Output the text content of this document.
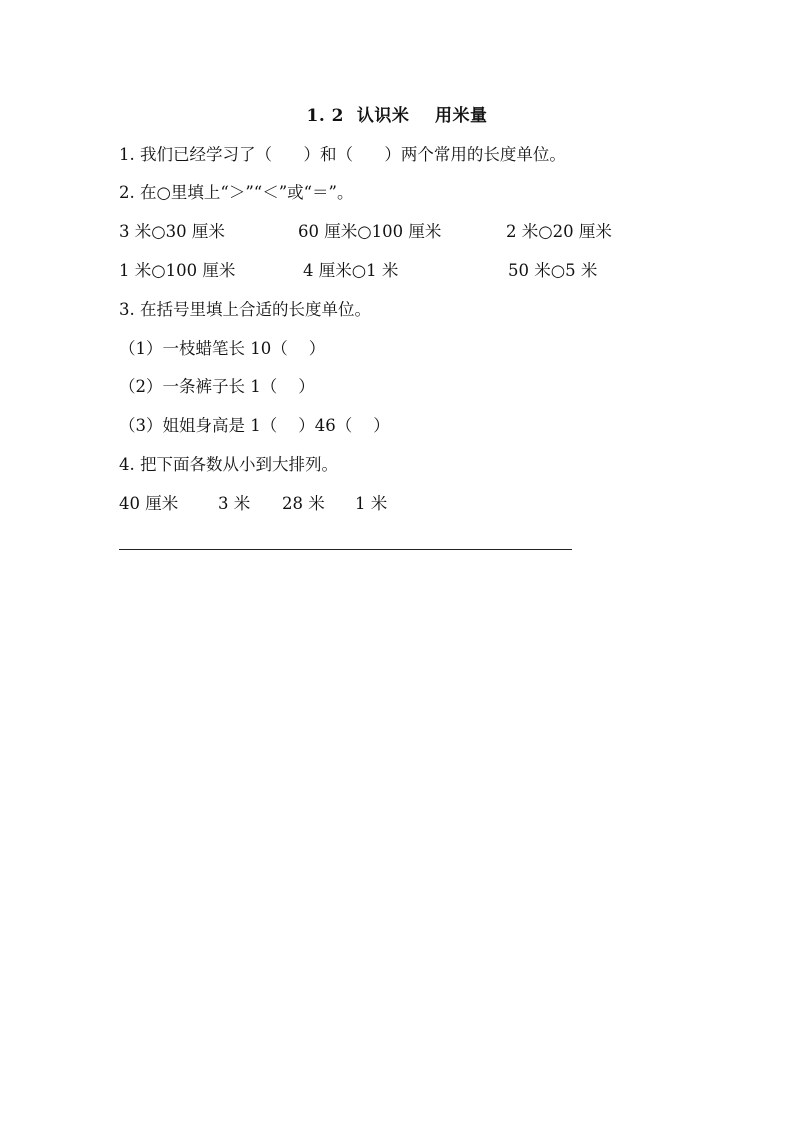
1. 2  认识米    用米量
1. 我们已经学习了（      ）和（      ）两个常用的长度单位。
2. 在○里填上“＞”“＜”或“＝”。
3 米○30 厘米	60 厘米○100 厘米	2 米○20 厘米
1 米○100 厘米	4 厘米○1 米	50 米○5 米
3. 在括号里填上合适的长度单位。
（1）一枝蜡笔长 10（    ）
（2）一条裤子长 1（    ）
（3）姐姐身高是 1（    ）46（    ）
4. 把下面各数从小到大排列。
40 厘米 3 米 28 米 1 米
